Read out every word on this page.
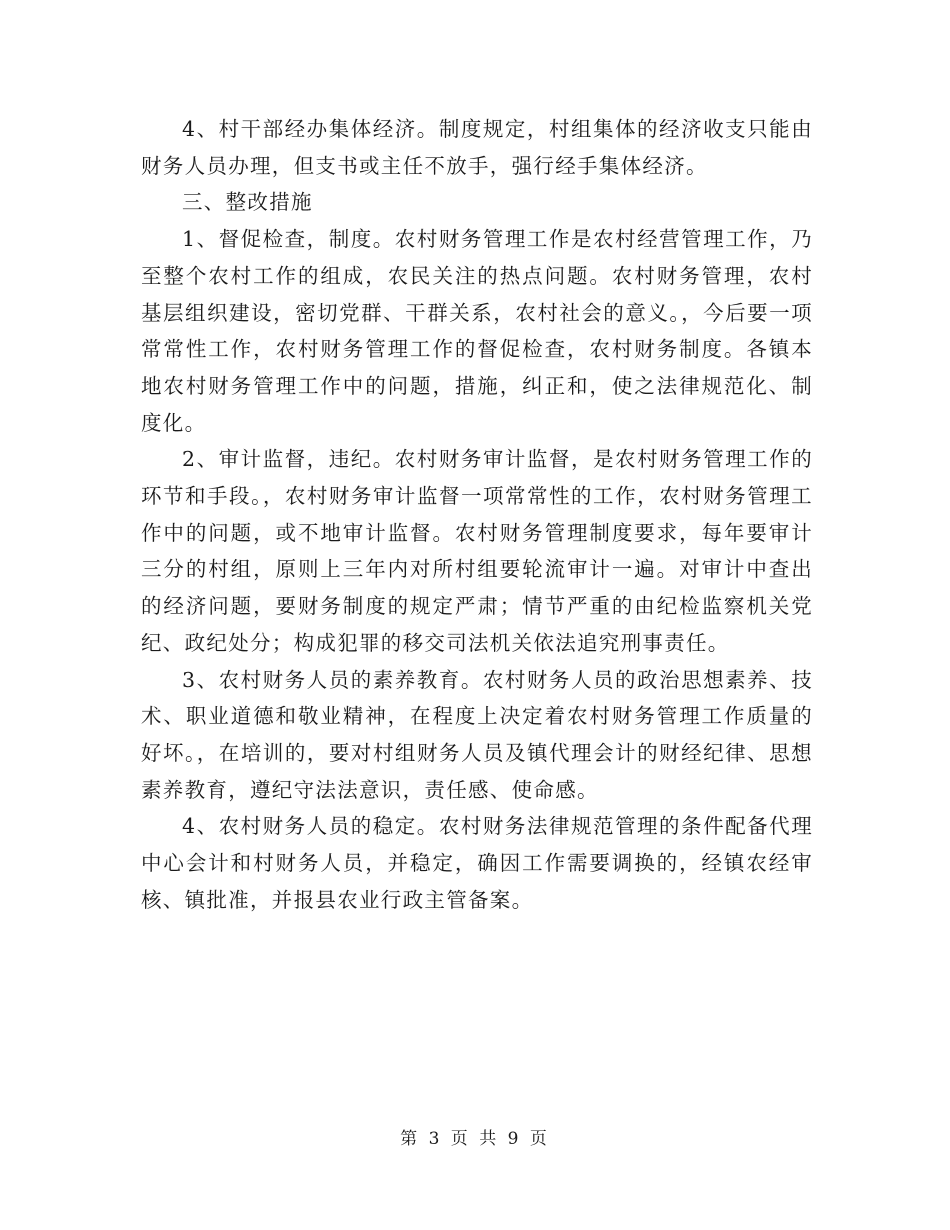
4、村干部经办集体经济。制度规定，村组集体的经济收支只能由财务人员办理，但支书或主任不放手，强行经手集体经济。

三、整改措施

1、督促检查，制度。农村财务管理工作是农村经营管理工作，乃至整个农村工作的组成，农民关注的热点问题。农村财务管理，农村基层组织建设，密切党群、干群关系，农村社会的意义。，今后要一项常常性工作，农村财务管理工作的督促检查，农村财务制度。各镇本地农村财务管理工作中的问题，措施，纠正和，使之法律规范化、制度化。

2、审计监督，违纪。农村财务审计监督，是农村财务管理工作的环节和手段。，农村财务审计监督一项常常性的工作，农村财务管理工作中的问题，或不地审计监督。农村财务管理制度要求，每年要审计三分的村组，原则上三年内对所村组要轮流审计一遍。对审计中查出的经济问题，要财务制度的规定严肃；情节严重的由纪检监察机关党纪、政纪处分；构成犯罪的移交司法机关依法追究刑事责任。

3、农村财务人员的素养教育。农村财务人员的政治思想素养、技术、职业道德和敬业精神，在程度上决定着农村财务管理工作质量的好坏。，在培训的，要对村组财务人员及镇代理会计的财经纪律、思想素养教育，遵纪守法法意识，责任感、使命感。

4、农村财务人员的稳定。农村财务法律规范管理的条件配备代理中心会计和村财务人员，并稳定，确因工作需要调换的，经镇农经审核、镇批准，并报县农业行政主管备案。

第 3 页 共 9 页
